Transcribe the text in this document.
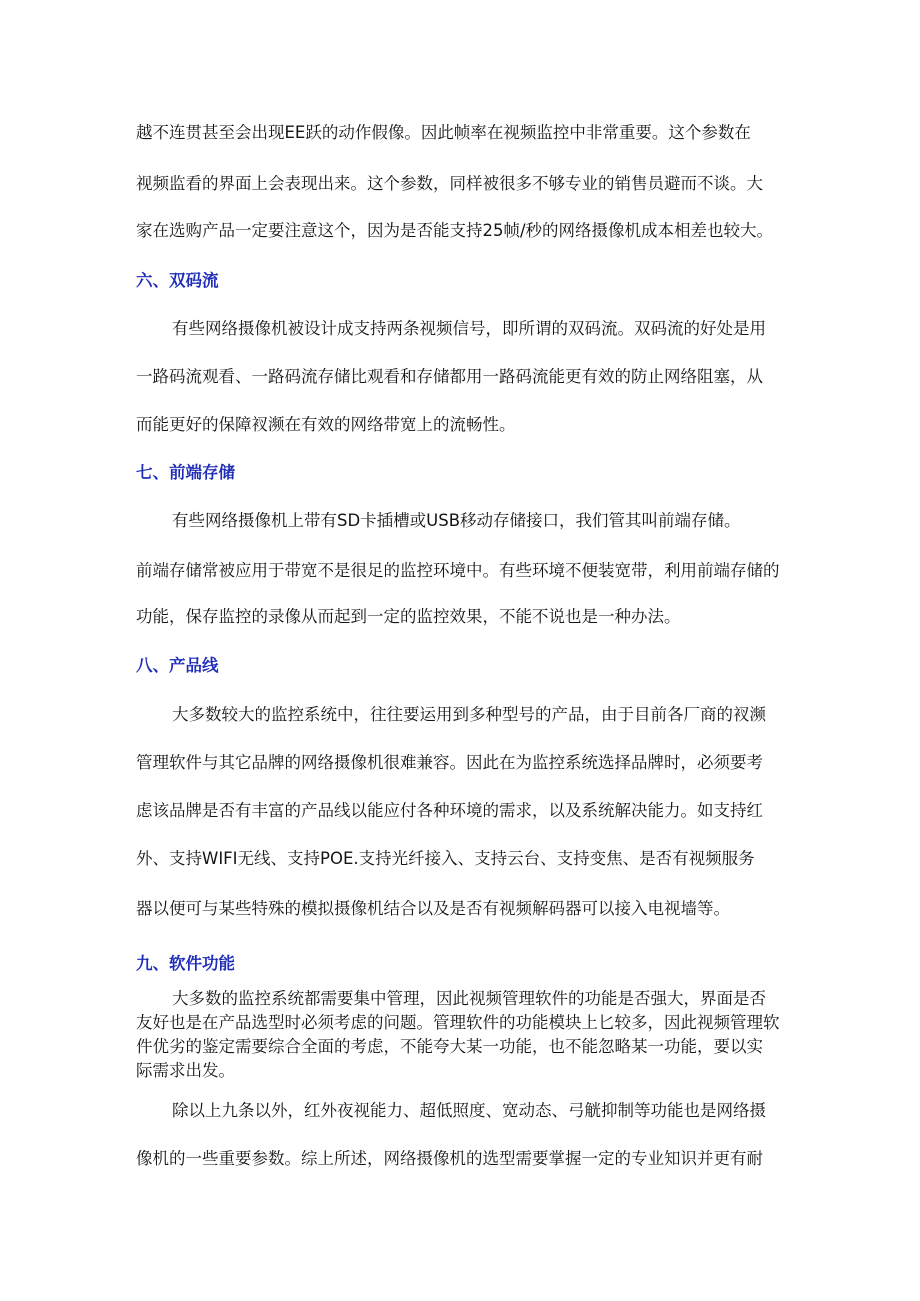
越不连贯甚至会出现EE跃的动作假像。因此帧率在视频监控中非常重要。这个参数在
视频监看的界面上会表现出来。这个参数，同样被很多不够专业的销售员避而不谈。大
家在选购产品一定要注意这个，因为是否能支持25帧/秒的网络摄像机成本相差也较大。
六、双码流
有些网络摄像机被设计成支持两条视频信号，即所谓的双码流。双码流的好处是用
一路码流观看、一路码流存储比观看和存储都用一路码流能更有效的防止网络阻塞，从
而能更好的保障衩濒在有效的网络带宽上的流畅性。
七、前端存储
有些网络摄像机上带有SD卡插槽或USB移动存储接口，我们管其叫前端存储。
前端存储常被应用于带宽不是很足的监控环境中。有些环境不便装宽带，利用前端存储的
功能，保存监控的录像从而起到一定的监控效果，不能不说也是一种办法。
八、产品线
大多数较大的监控系统中，往往要运用到多种型号的产品，由于目前各厂商的衩濒
管理软件与其它品牌的网络摄像机很难兼容。因此在为监控系统选择品牌时，必须要考
虑该品牌是否有丰富的产品线以能应付各种环境的需求，以及系统解决能力。如支持红
外、支持WIFI无线、支持POE.支持光纤接入、支持云台、支持变焦、是否有视频服务
器以便可与某些特殊的模拟摄像机结合以及是否有视频解码器可以接入电视墙等。
九、软件功能
大多数的监控系统都需要集中管理，因此视频管理软件的功能是否强大，界面是否
友好也是在产品选型时必须考虑的问题。管理软件的功能模块上匕较多，因此视频管理软
件优劣的鉴定需要综合全面的考虑，不能夸大某一功能，也不能忽略某一功能，要以实
际需求出发。
除以上九条以外，红外夜视能力、超低照度、宽动态、弓觥抑制等功能也是网络摄
像机的一些重要参数。综上所述，网络摄像机的选型需要掌握一定的专业知识并更有耐
